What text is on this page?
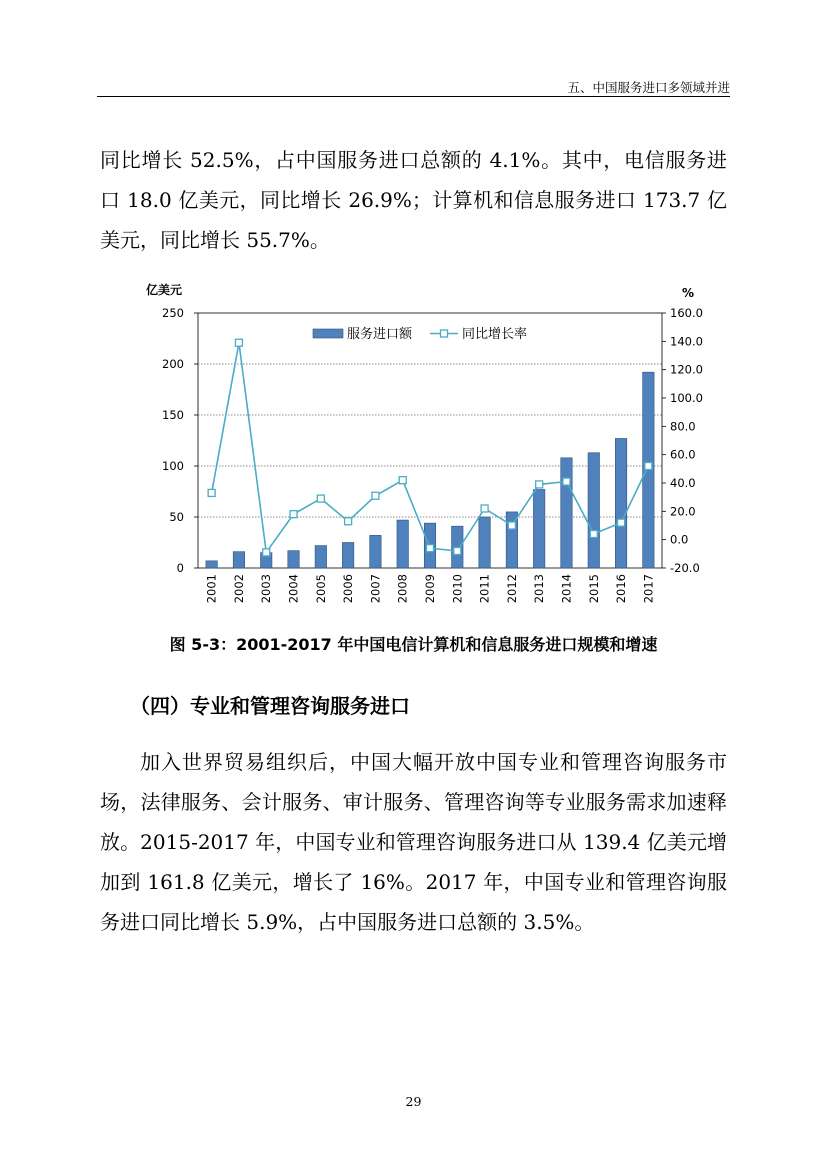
五、中国服务进口多领域并进
同比增长 52.5%，占中国服务进口总额的 4.1%。其中，电信服务进口 18.0 亿美元，同比增长 26.9%；计算机和信息服务进口 173.7 亿美元，同比增长 55.7%。
0
50
100
150
200
250
-20.0
0.0
20.0
40.0
60.0
80.0
100.0
120.0
140.0
160.0
亿美元	%
2001 2002 2003 2004 2005 2006 2007 2008 2009 2010 2011 2012 2013 2014 2015 2016 2017
服务进口额	同比增长率
图 5-3：2001-2017 年中国电信计算机和信息服务进口规模和增速
（四）专业和管理咨询服务进口
加入世界贸易组织后，中国大幅开放中国专业和管理咨询服务市场，法律服务、会计服务、审计服务、管理咨询等专业服务需求加速释放。2015-2017 年，中国专业和管理咨询服务进口从 139.4 亿美元增加到 161.8 亿美元，增长了 16%。2017 年，中国专业和管理咨询服务进口同比增长 5.9%，占中国服务进口总额的 3.5%。
29
